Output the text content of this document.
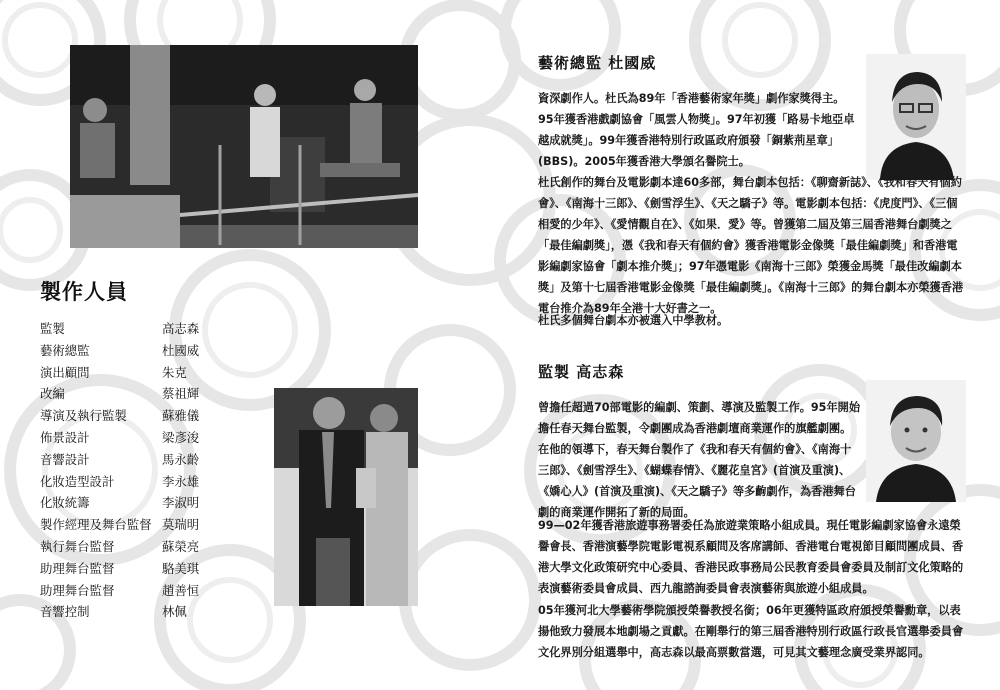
製作人員
監製	高志森
藝術總監	杜國威
演出顧問	朱克
改編	蔡祖輝
導演及執行監製	蘇雅儀
佈景設計	梁彥浚
音響設計	馬永齡
化妝造型設計	李永雄
化妝統籌	李淑明
製作經理及舞台監督 莫瑞明
執行舞台監督	蘇榮亮
助理舞台監督	駱美琪
助理舞台監督	趙善恒
音響控制	林佩
藝術總監 杜國威

資深劇作人。杜氏為89年「香港藝術家年獎」劇作家獎得主。95年獲香港戲劇協會「風雲人物獎」。97年初獲「路易卡地亞卓越成就獎」。99年獲香港特別行政區政府頒發「銅紫荊星章」(BBS)。2005年獲香港大學頒名譽院士。

杜氏創作的舞台及電影劇本達60多部，舞台劇本包括：《聊齋新誌》、《我和春天有個約會》、《南海十三郎》、《劍雪浮生》、《天之驕子》等。電影劇本包括：《虎度門》、《三個相愛的少年》、《愛情觀自在》、《如果．愛》等。曾獲第二屆及第三屆香港舞台劇獎之「最佳編劇獎」，憑《我和春天有個約會》獲香港電影金像獎「最佳編劇獎」和香港電影編劇家協會「劇本推介獎」；97年憑電影《南海十三郎》榮獲金馬獎「最佳改編劇本獎」及第十七屆香港電影金像獎「最佳編劇獎」。《南海十三郎》的舞台劇本亦榮獲香港電台推介為89年全港十大好書之一。

杜氏多個舞台劇本亦被選入中學教材。

監製 高志森

曾擔任超過70部電影的編劇、策劃、導演及監製工作。95年開始擔任春天舞台監製，令劇團成為香港劇壇商業運作的旗艦劇團。在他的領導下，春天舞台製作了《我和春天有個約會》、《南海十三郎》、《劍雪浮生》、《蝴蝶春情》、《麗花皇宮》(首演及重演)、《嬌心人》(首演及重演)、《天之驕子》等多齣劇作，為香港舞台劇的商業運作開拓了新的局面。

99—02年獲香港旅遊事務署委任為旅遊業策略小組成員。現任電影編劇家協會永遠榮譽會長、香港演藝學院電影電視系顧問及客席講師、香港電台電視節目顧問團成員、香港大學文化政策研究中心委員、香港民政事務局公民教育委員會委員及制訂文化策略的表演藝術委員會成員、西九龍諮詢委員會表演藝術與旅遊小組成員。

05年獲河北大學藝術學院頒授榮譽教授名銜；06年更獲特區政府頒授榮譽勳章，以表揚他致力發展本地劇場之貢獻。在剛舉行的第三屆香港特別行政區行政長官選舉委員會文化界別分組選舉中，高志森以最高票數當選，可見其文藝理念廣受業界認同。
